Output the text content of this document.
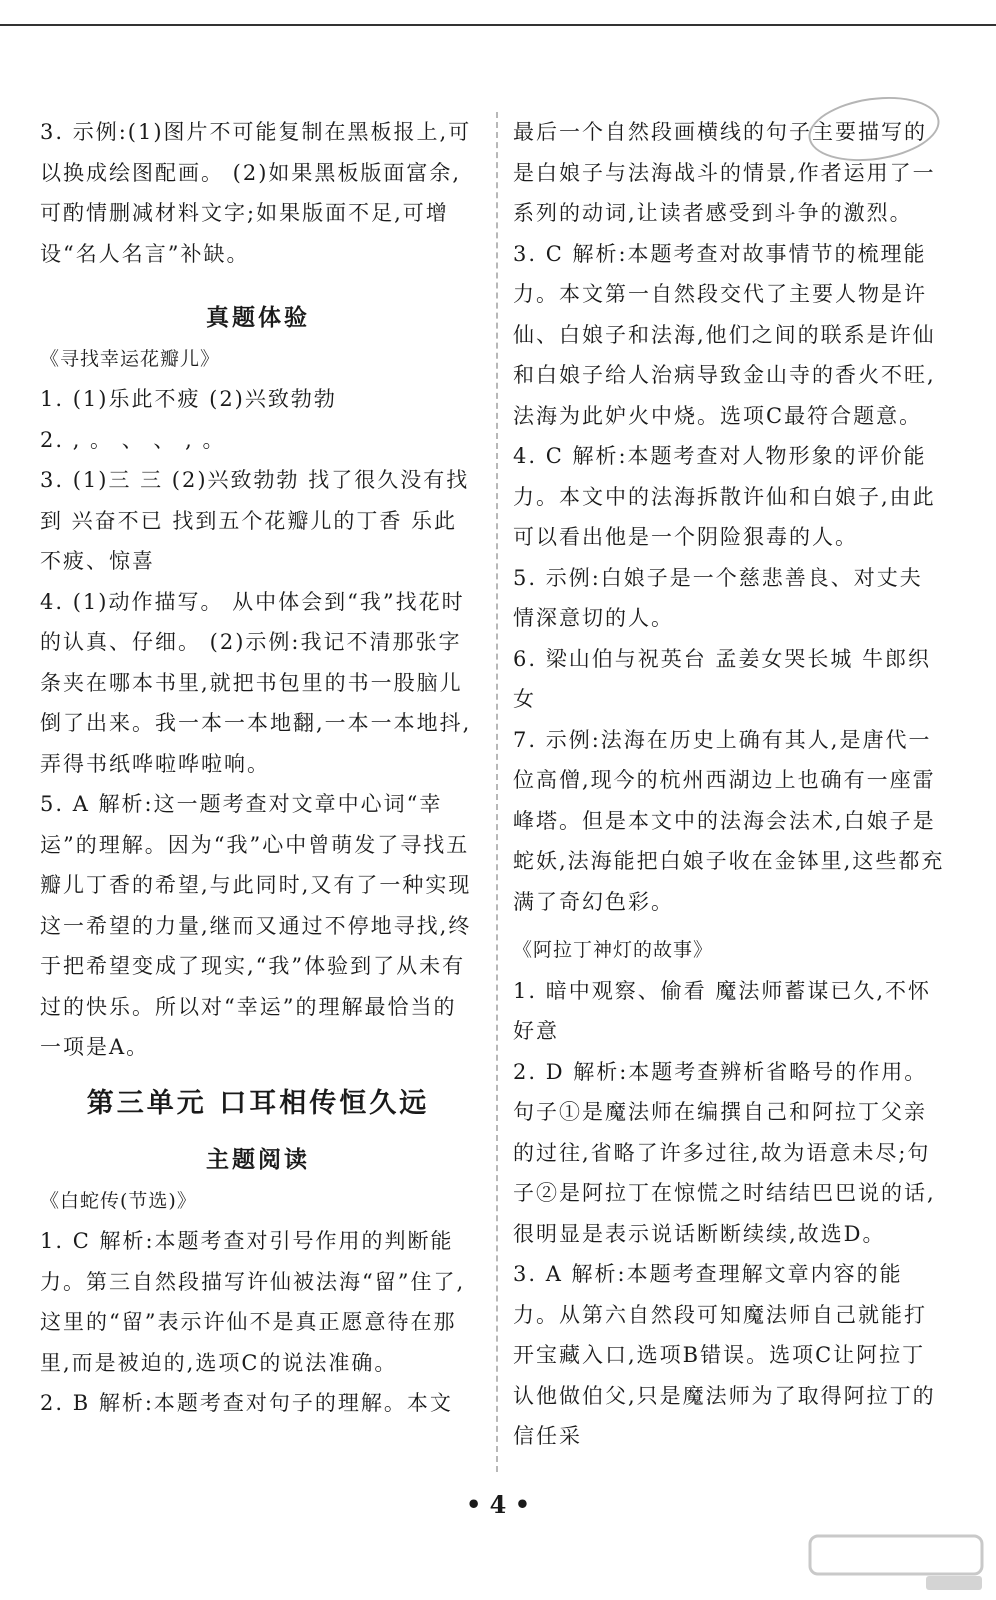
3. 示例:(1)图片不可能复制在黑板报上,可以换成绘图配画。 (2)如果黑板版面富余,可酌情删减材料文字;如果版面不足,可增设“名人名言”补缺。

真题体验

《寻找幸运花瓣儿》

1. (1)乐此不疲 (2)兴致勃勃

2. , 。 、 、 , 。

3. (1)三 三 (2)兴致勃勃 找了很久没有找到 兴奋不已 找到五个花瓣儿的丁香 乐此不疲、惊喜

4. (1)动作描写。 从中体会到“我”找花时的认真、仔细。 (2)示例:我记不清那张字条夹在哪本书里,就把书包里的书一股脑儿倒了出来。我一本一本地翻,一本一本地抖,弄得书纸哗啦哗啦响。

5. A 解析:这一题考查对文章中心词“幸运”的理解。因为“我”心中曾萌发了寻找五瓣儿丁香的希望,与此同时,又有了一种实现这一希望的力量,继而又通过不停地寻找,终于把希望变成了现实,“我”体验到了从未有过的快乐。所以对“幸运”的理解最恰当的一项是A。

第三单元 口耳相传恒久远

主题阅读

《白蛇传(节选)》

1. C 解析:本题考查对引号作用的判断能力。第三自然段描写许仙被法海“留”住了,这里的“留”表示许仙不是真正愿意待在那里,而是被迫的,选项C的说法准确。

2. B 解析:本题考查对句子的理解。本文

最后一个自然段画横线的句子主要描写的是白娘子与法海战斗的情景,作者运用了一系列的动词,让读者感受到斗争的激烈。

3. C 解析:本题考查对故事情节的梳理能力。本文第一自然段交代了主要人物是许仙、白娘子和法海,他们之间的联系是许仙和白娘子给人治病导致金山寺的香火不旺,法海为此妒火中烧。选项C最符合题意。

4. C 解析:本题考查对人物形象的评价能力。本文中的法海拆散许仙和白娘子,由此可以看出他是一个阴险狠毒的人。

5. 示例:白娘子是一个慈悲善良、对丈夫情深意切的人。

6. 梁山伯与祝英台 孟姜女哭长城 牛郎织女

7. 示例:法海在历史上确有其人,是唐代一位高僧,现今的杭州西湖边上也确有一座雷峰塔。但是本文中的法海会法术,白娘子是蛇妖,法海能把白娘子收在金钵里,这些都充满了奇幻色彩。

《阿拉丁神灯的故事》

1. 暗中观察、偷看 魔法师蓄谋已久,不怀好意

2. D 解析:本题考查辨析省略号的作用。句子①是魔法师在编撰自己和阿拉丁父亲的过往,省略了许多过往,故为语意未尽;句子②是阿拉丁在惊慌之时结结巴巴说的话,很明显是表示说话断断续续,故选D。

3. A 解析:本题考查理解文章内容的能力。从第六自然段可知魔法师自己就能打开宝藏入口,选项B错误。选项C让阿拉丁认他做伯父,只是魔法师为了取得阿拉丁的信任采

• 4 •
